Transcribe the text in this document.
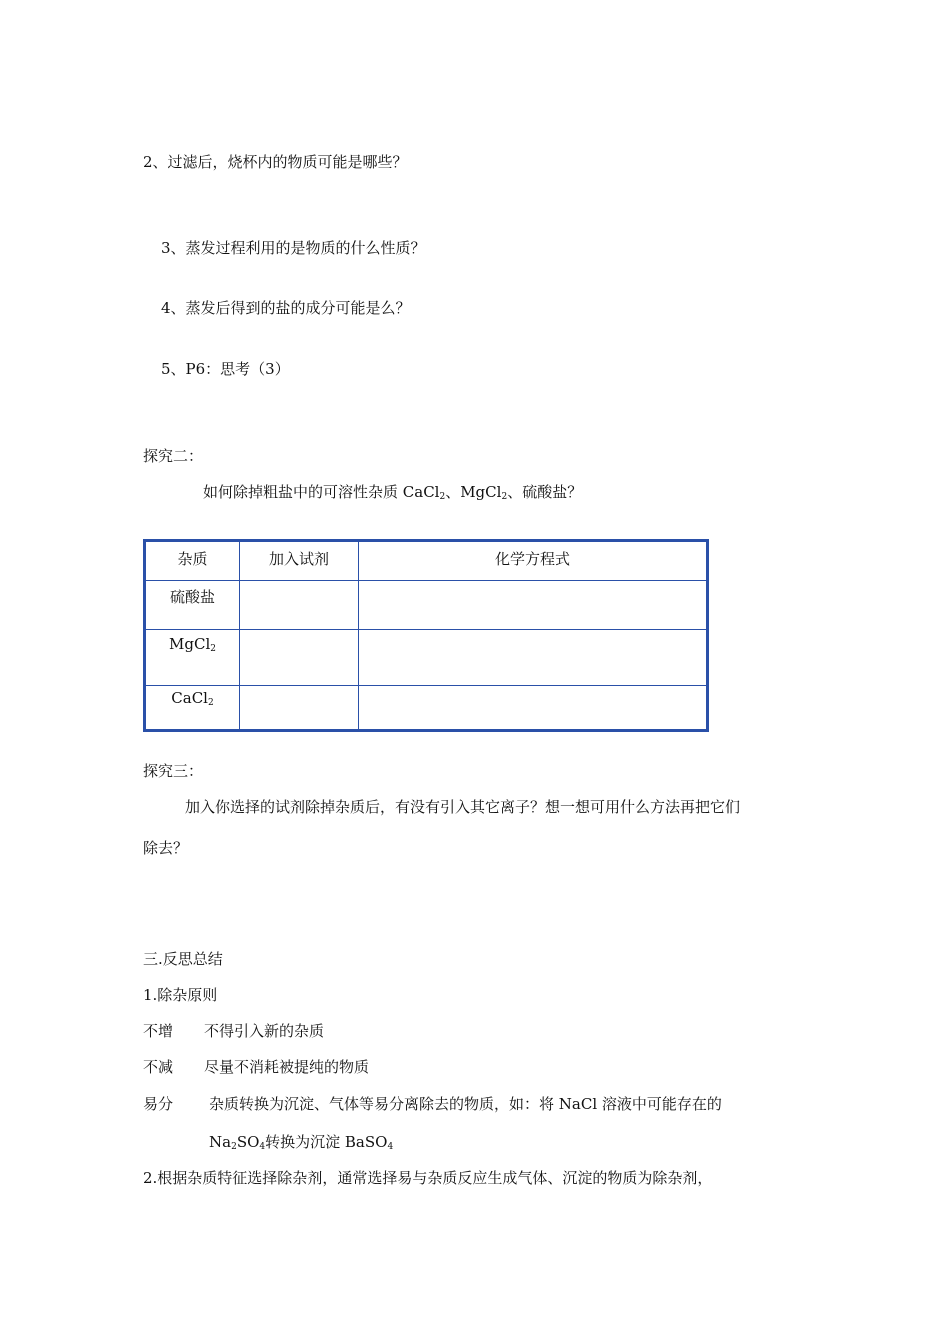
2、过滤后，烧杯内的物质可能是哪些？
3、蒸发过程利用的是物质的什么性质？
4、蒸发后得到的盐的成分可能是么？
5、P6：思考（3）
探究二：
如何除掉粗盐中的可溶性杂质 CaCl$_2$、MgCl$_2$、硫酸盐？
杂质	加入试剂	化学方程式
硫酸盐		
MgCl$_2$		
CaCl$_2$		
探究三：
加入你选择的试剂除掉杂质后，有没有引入其它离子？想一想可用什么方法再把它们
除去？
三.反思总结
1.除杂原则
不增 不得引入新的杂质
不减 尽量不消耗被提纯的物质
易分 杂质转换为沉淀、气体等易分离除去的物质，如：将 NaCl 溶液中可能存在的
$Na_2SO_4$转换为沉淀 BaSO$_4$
2.根据杂质特征选择除杂剂，通常选择易与杂质反应生成气体、沉淀的物质为除杂剂，
